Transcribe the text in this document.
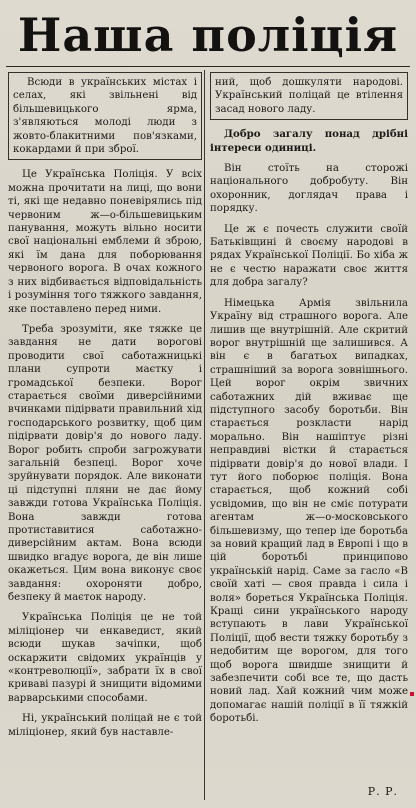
Наша поліція

Всюди в українських містах і селах, які звільнені від більшевицького ярма, з'являються молоді люди з жовто-блакитними пов'язками, кокардами й при зброї.

Це Українська Поліція. У всіх можна прочитати на лиці, що вони ті, які ще недавно поневірялись під червоним ж—о-більшевицьким панування, можуть вільно носити свої національні емблеми й зброю, які їм дана для поборювання червоного ворога. В очах кожного з них відбивається відповідальність і розуміння того тяжкого завдання, яке поставлено перед ними.

Треба зрозуміти, яке тяжке це завдання не дати ворогові проводити свої саботажницькі плани супроти маєтку і громадської безпеки. Ворог старається своїми диверсійними вчинками підірвати правильний хід господарського розвитку, щоб цим підірвати довір'я до нового ладу. Ворог робить спроби загрожувати загальній безпеці. Ворог хоче зруйнувати порядок. Але виконати ці підступні пляни не дає йому завжди готова Українська Поліція. Вона завжди готова протиставитися саботажно-диверсійним актам. Вона всюди швидко вгадує ворога, де він лише окажеться. Цим вона виконує своє завдання: охороняти добро, безпеку й маєток народу.

Українська Поліція це не той міліціонер чи енкаведист, який всюди шукав зачіпки, щоб оскаржити свідомих українців у «контреволюції», забрати їх в свої криваві пазурі й знищити відомими варварськими способами.

Ні, український поліцай не є той міліціонер, який був наставле-

ний, щоб дошкуляти народові. Український поліцай це втілення засад нового ладу.

Добро загалу понад дрібні інтереси одиниці.

Він стоїть на сторожі національного добробуту. Він охоронник, доглядач права і порядку.

Це ж є почесть служити своїй Батьківщині й своєму народові в рядах Української Поліції. Бо хіба ж не є честю наражати своє життя для добра загалу?

Німецька Армія звільнила Україну від страшного ворога. Але лишив ще внутрішній. Але скритий ворог внутрішній ще залишився. А він є в багатьох випадках, страшніший за ворога зовнішнього. Цей ворог окрім звичних саботажних дій вживає ще підступного засобу боротьби. Він старається розкласти нарід морально. Він нашіптує різні неправдиві вістки й старається підірвати довір'я до нової влади. І тут його поборює поліція. Вона старається, щоб кожний собі усвідомив, що він не сміє потурати агентам ж—о-московського більшевизму, що тепер іде боротьба за новий кращий лад в Европі і що в цій боротьбі принципово українській нарід. Саме за гасло «В своїй хаті — своя правда і сила і воля» бореться Українська Поліція. Кращі сини українського народу вступають в лави Української Поліції, щоб вести тяжку боротьбу з недобитим ще ворогом, для того щоб ворога швидше знищити й забезпечити собі все те, що дасть новий лад. Хай кожний чим може допомагає нашій поліції в її тяжкій боротьбі.

Р. Р.
